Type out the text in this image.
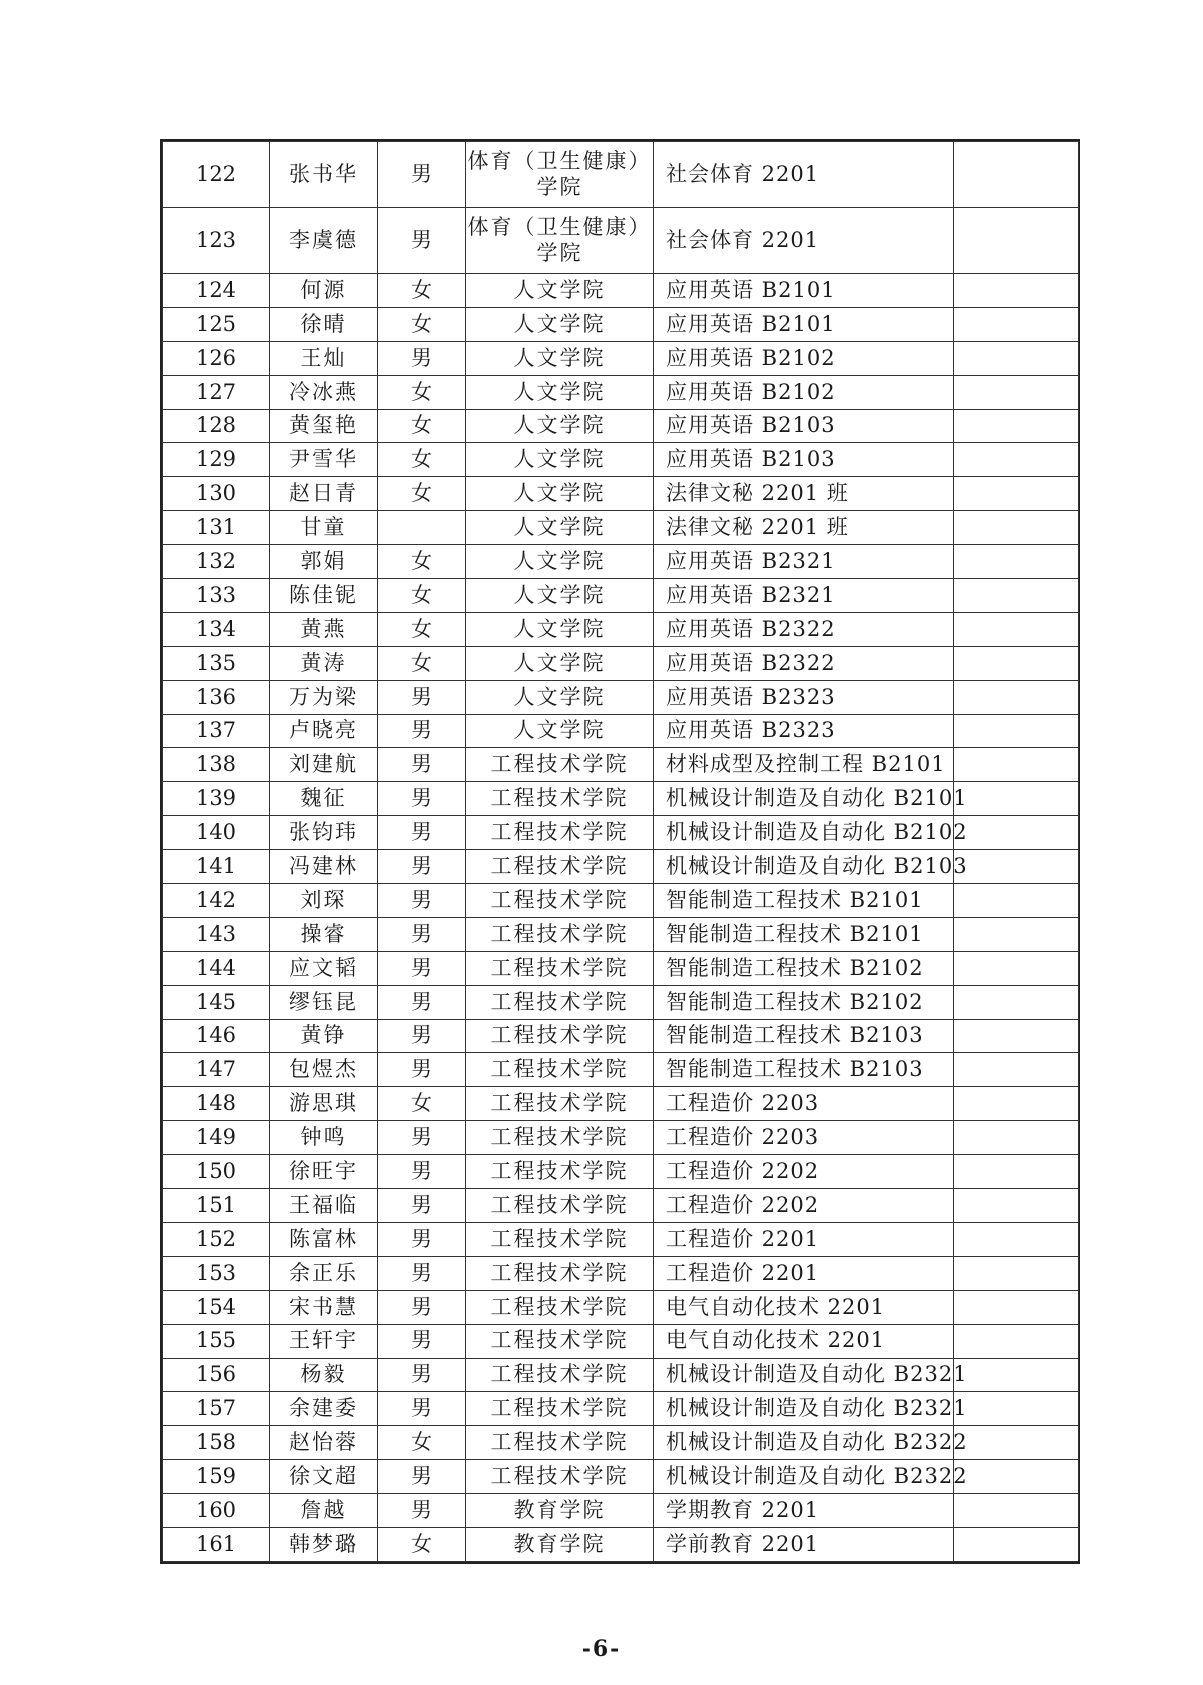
122	张书华	男	体育（卫生健康）学院	社会体育 2201	
123	李虞德	男	体育（卫生健康）学院	社会体育 2201	
124	何源	女	人文学院	应用英语 B2101	
125	徐晴	女	人文学院	应用英语 B2101	
126	王灿	男	人文学院	应用英语 B2102	
127	冷冰燕	女	人文学院	应用英语 B2102	
128	黄玺艳	女	人文学院	应用英语 B2103	
129	尹雪华	女	人文学院	应用英语 B2103	
130	赵日青	女	人文学院	法律文秘 2201 班	
131	甘童		人文学院	法律文秘 2201 班	
132	郭娟	女	人文学院	应用英语 B2321	
133	陈佳铌	女	人文学院	应用英语 B2321	
134	黄燕	女	人文学院	应用英语 B2322	
135	黄涛	女	人文学院	应用英语 B2322	
136	万为梁	男	人文学院	应用英语 B2323	
137	卢晓亮	男	人文学院	应用英语 B2323	
138	刘建航	男	工程技术学院	材料成型及控制工程 B2101	
139	魏征	男	工程技术学院	机械设计制造及自动化 B2101	
140	张钧玮	男	工程技术学院	机械设计制造及自动化 B2102	
141	冯建林	男	工程技术学院	机械设计制造及自动化 B2103	
142	刘琛	男	工程技术学院	智能制造工程技术 B2101	
143	操睿	男	工程技术学院	智能制造工程技术 B2101	
144	应文韬	男	工程技术学院	智能制造工程技术 B2102	
145	缪钰昆	男	工程技术学院	智能制造工程技术 B2102	
146	黄铮	男	工程技术学院	智能制造工程技术 B2103	
147	包煜杰	男	工程技术学院	智能制造工程技术 B2103	
148	游思琪	女	工程技术学院	工程造价 2203	
149	钟鸣	男	工程技术学院	工程造价 2203	
150	徐旺宇	男	工程技术学院	工程造价 2202	
151	王福临	男	工程技术学院	工程造价 2202	
152	陈富林	男	工程技术学院	工程造价 2201	
153	余正乐	男	工程技术学院	工程造价 2201	
154	宋书慧	男	工程技术学院	电气自动化技术 2201	
155	王轩宇	男	工程技术学院	电气自动化技术 2201	
156	杨毅	男	工程技术学院	机械设计制造及自动化 B2321	
157	余建委	男	工程技术学院	机械设计制造及自动化 B2321	
158	赵怡蓉	女	工程技术学院	机械设计制造及自动化 B2322	
159	徐文超	男	工程技术学院	机械设计制造及自动化 B2322	
160	詹越	男	教育学院	学期教育 2201	
161	韩梦璐	女	教育学院	学前教育 2201	
-6-
